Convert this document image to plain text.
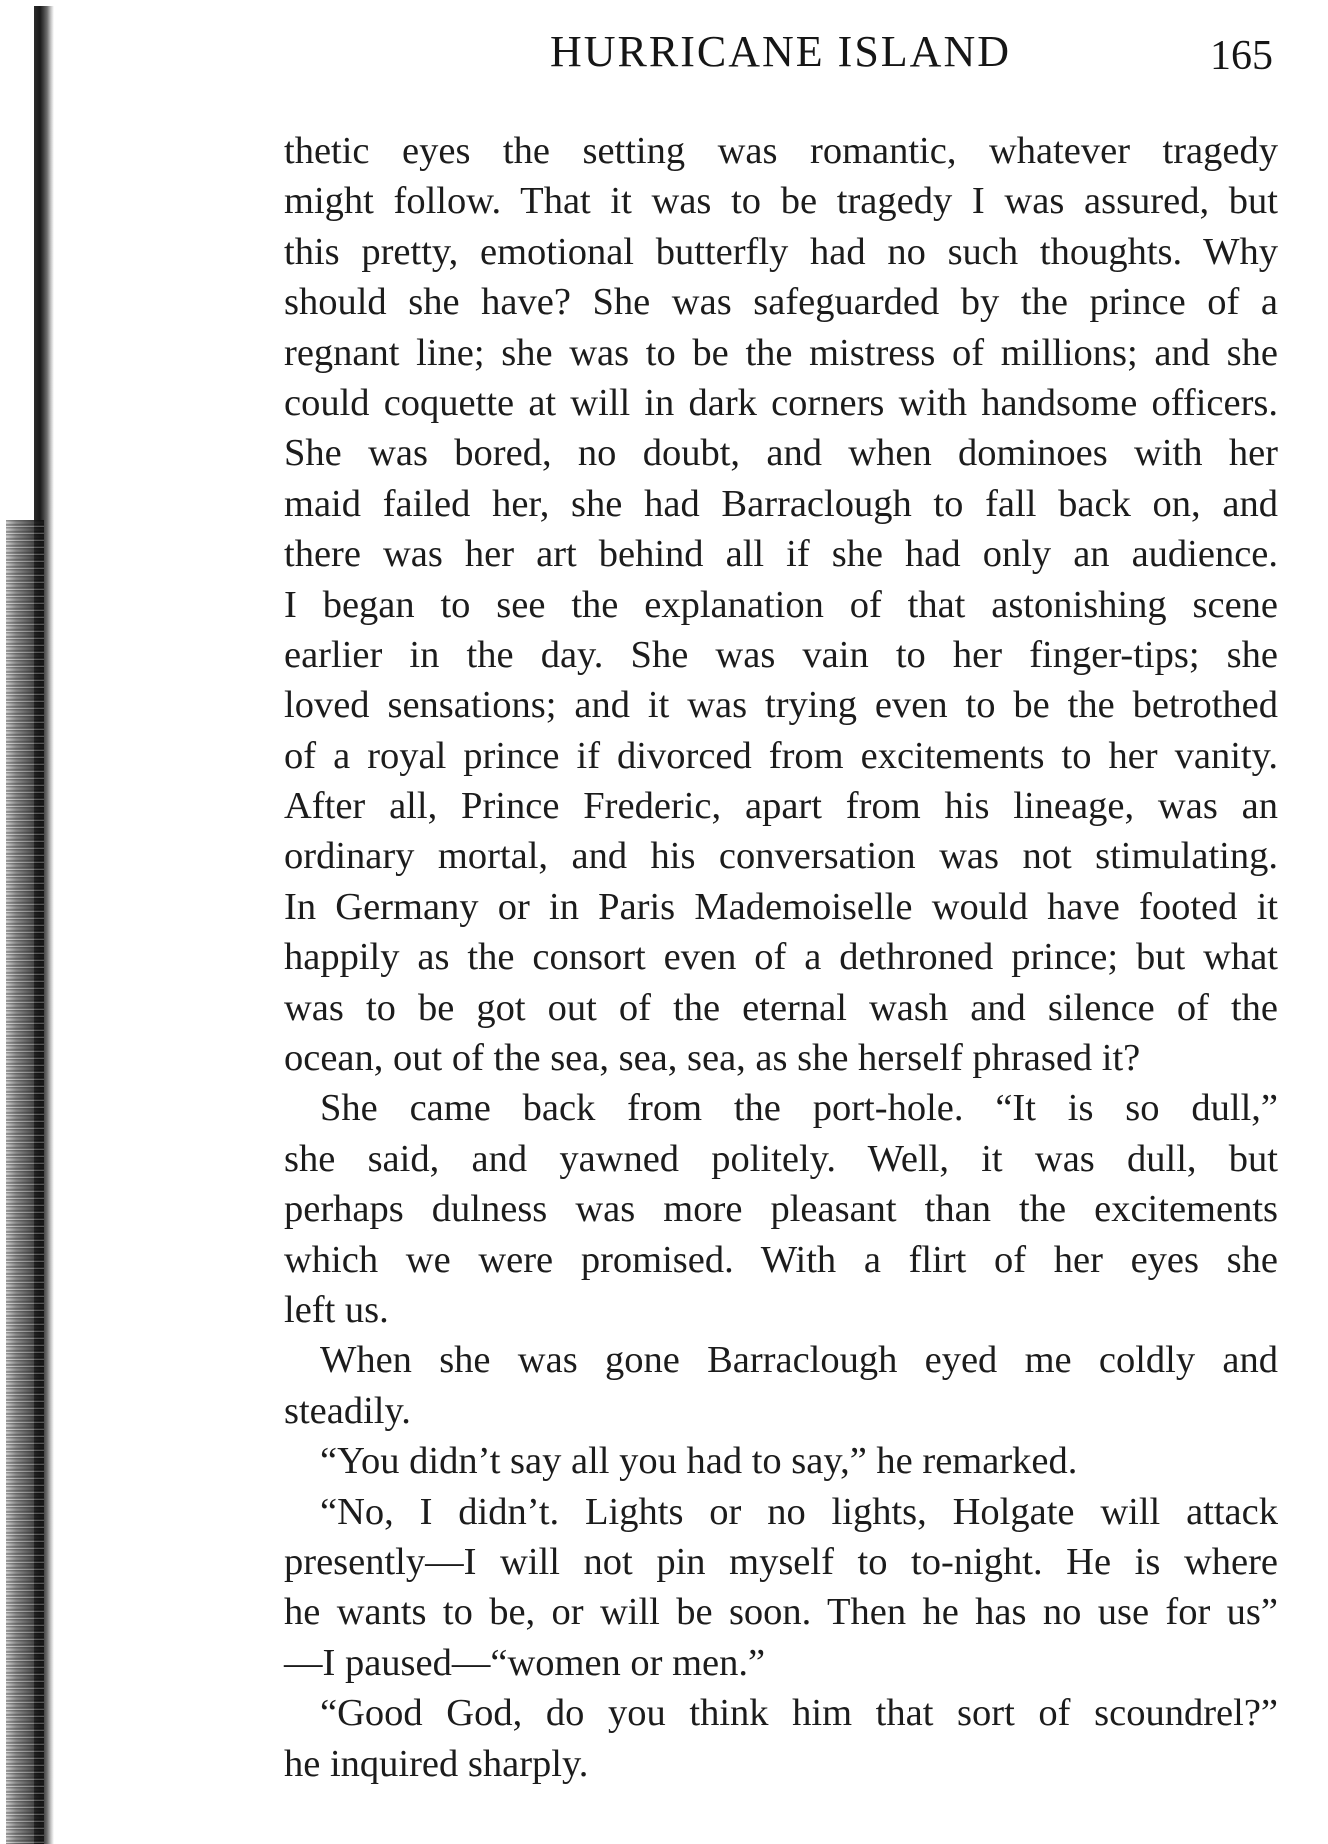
HURRICANE ISLAND	165
thetic eyes the setting was romantic, whatever tragedy
might follow. That it was to be tragedy I was assured, but
this pretty, emotional butterfly had no such thoughts. Why
should she have? She was safeguarded by the prince of a
regnant line; she was to be the mistress of millions; and she
could coquette at will in dark corners with handsome officers.
She was bored, no doubt, and when dominoes with her
maid failed her, she had Barraclough to fall back on, and
there was her art behind all if she had only an audience.
I began to see the explanation of that astonishing scene
earlier in the day. She was vain to her finger-tips; she
loved sensations; and it was trying even to be the betrothed
of a royal prince if divorced from excitements to her vanity.
After all, Prince Frederic, apart from his lineage, was an
ordinary mortal, and his conversation was not stimulating.
In Germany or in Paris Mademoiselle would have footed it
happily as the consort even of a dethroned prince; but what
was to be got out of the eternal wash and silence of the
ocean, out of the sea, sea, sea, as she herself phrased it?
She came back from the port-hole. “It is so dull,”
she said, and yawned politely. Well, it was dull, but
perhaps dulness was more pleasant than the excitements
which we were promised. With a flirt of her eyes she
left us.
When she was gone Barraclough eyed me coldly and
steadily.
“You didn’t say all you had to say,” he remarked.
“No, I didn’t. Lights or no lights, Holgate will attack
presently—I will not pin myself to to-night. He is where
he wants to be, or will be soon. Then he has no use for us”
—I paused—“women or men.”
“Good God, do you think him that sort of scoundrel?”
he inquired sharply.
